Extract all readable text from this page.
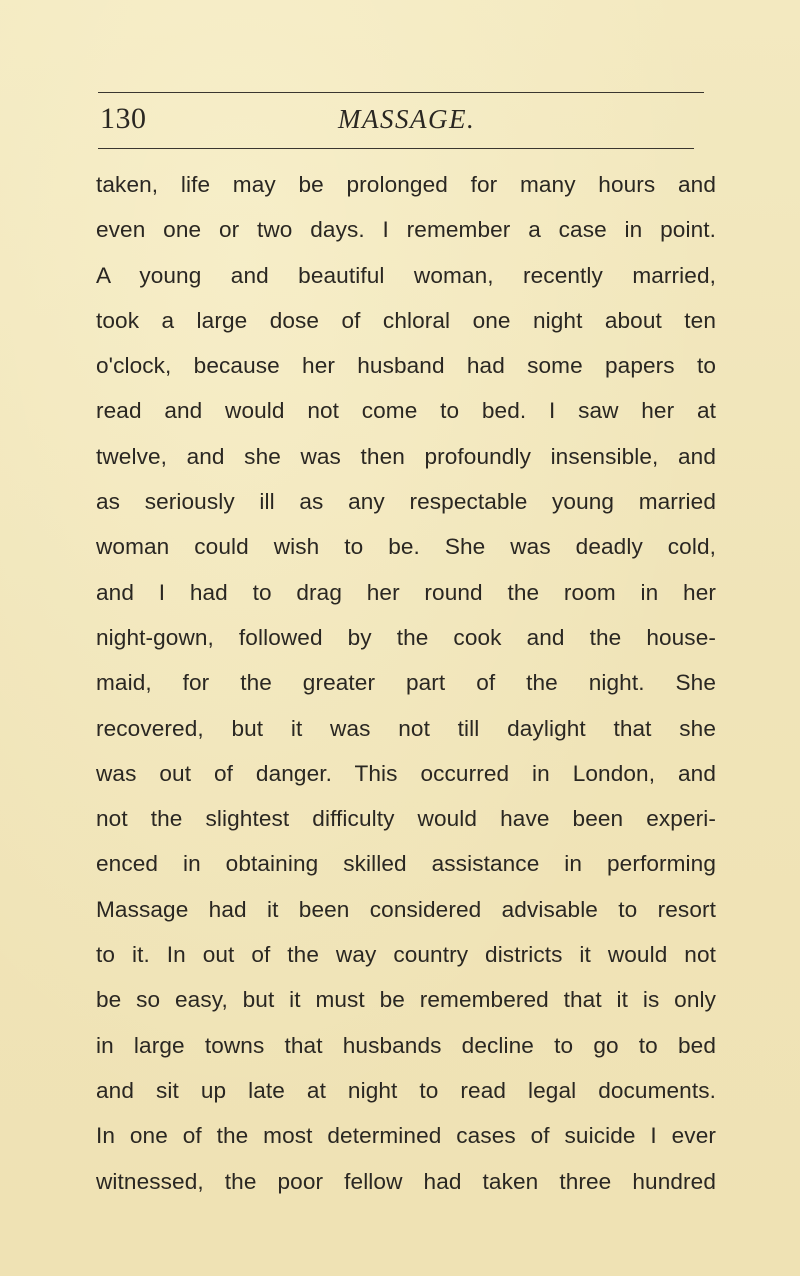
130	MASSAGE.
taken, life may be prolonged for many hours and
even one or two days. I remember a case in point.
A young and beautiful woman, recently married,
took a large dose of chloral one night about ten
o'clock, because her husband had some papers to
read and would not come to bed. I saw her at
twelve, and she was then profoundly insensible, and
as seriously ill as any respectable young married
woman could wish to be. She was deadly cold,
and I had to drag her round the room in her
night-gown, followed by the cook and the house-
maid, for the greater part of the night. She
recovered, but it was not till daylight that she
was out of danger. This occurred in London, and
not the slightest difficulty would have been experi-
enced in obtaining skilled assistance in performing
Massage had it been considered advisable to resort
to it. In out of the way country districts it would not
be so easy, but it must be remembered that it is only
in large towns that husbands decline to go to bed
and sit up late at night to read legal documents.
In one of the most determined cases of suicide I ever
witnessed, the poor fellow had taken three hundred
